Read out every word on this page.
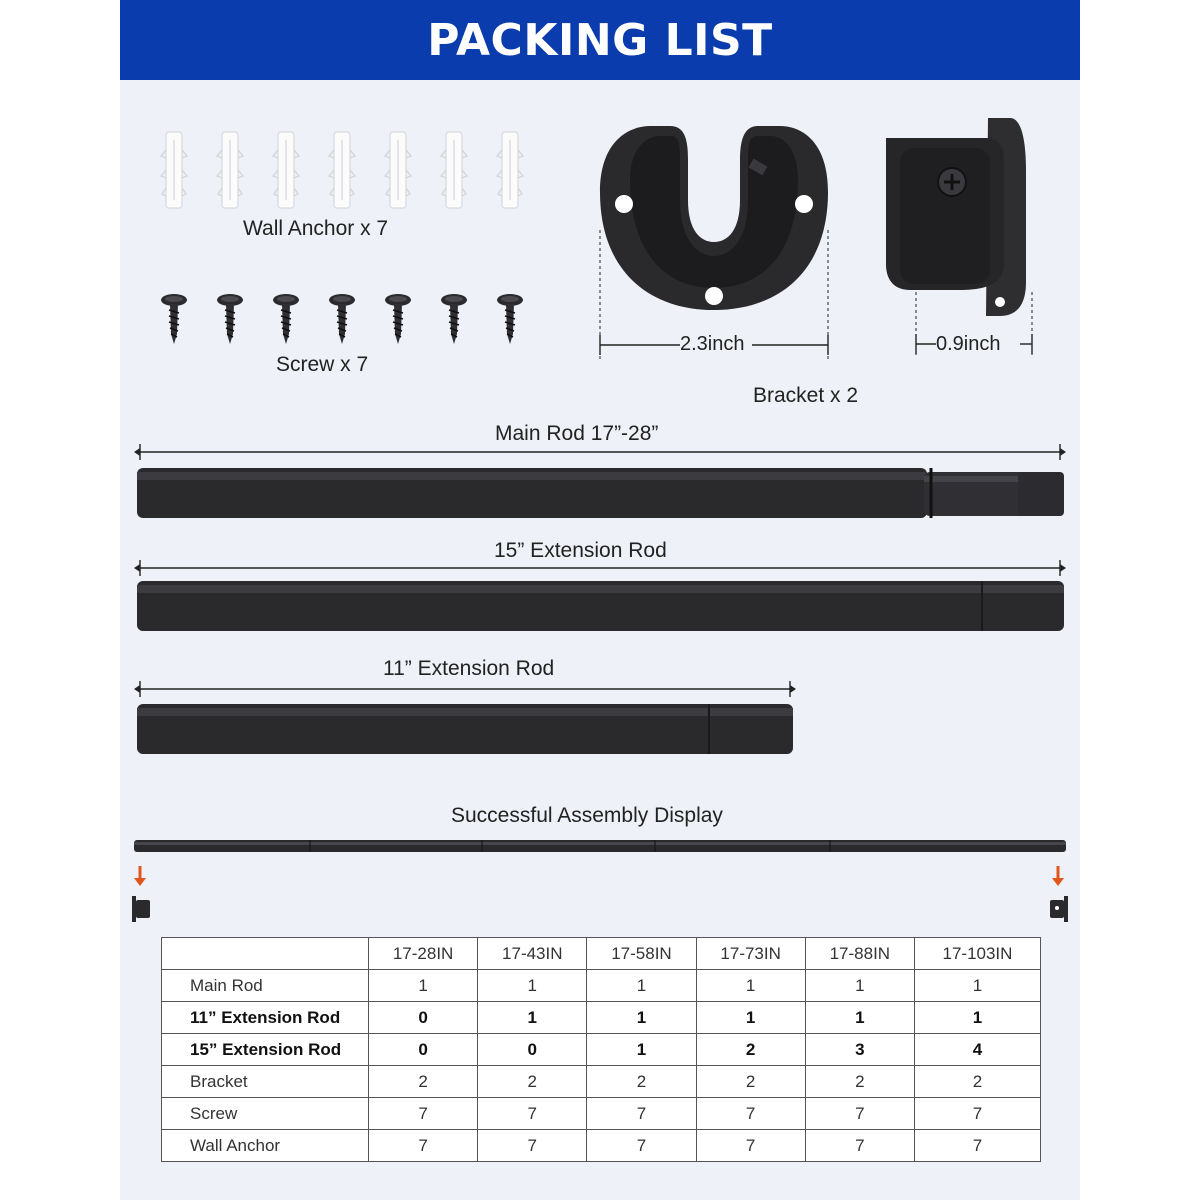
PACKING LIST
Wall Anchor x 7
Screw x 7
2.3inch	0.9inch
Bracket x 2
Main Rod 17”-28”
15” Extension Rod
11” Extension Rod
Successful Assembly Display
	17-28IN	17-43IN	17-58IN	17-73IN	17-88IN	17-103IN
Main Rod	1	1	1	1	1	1
11” Extension Rod	0	1	1	1	1	1
15” Extension Rod	0	0	1	2	3	4
Bracket	2	2	2	2	2	2
Screw	7	7	7	7	7	7
Wall Anchor	7	7	7	7	7	7
